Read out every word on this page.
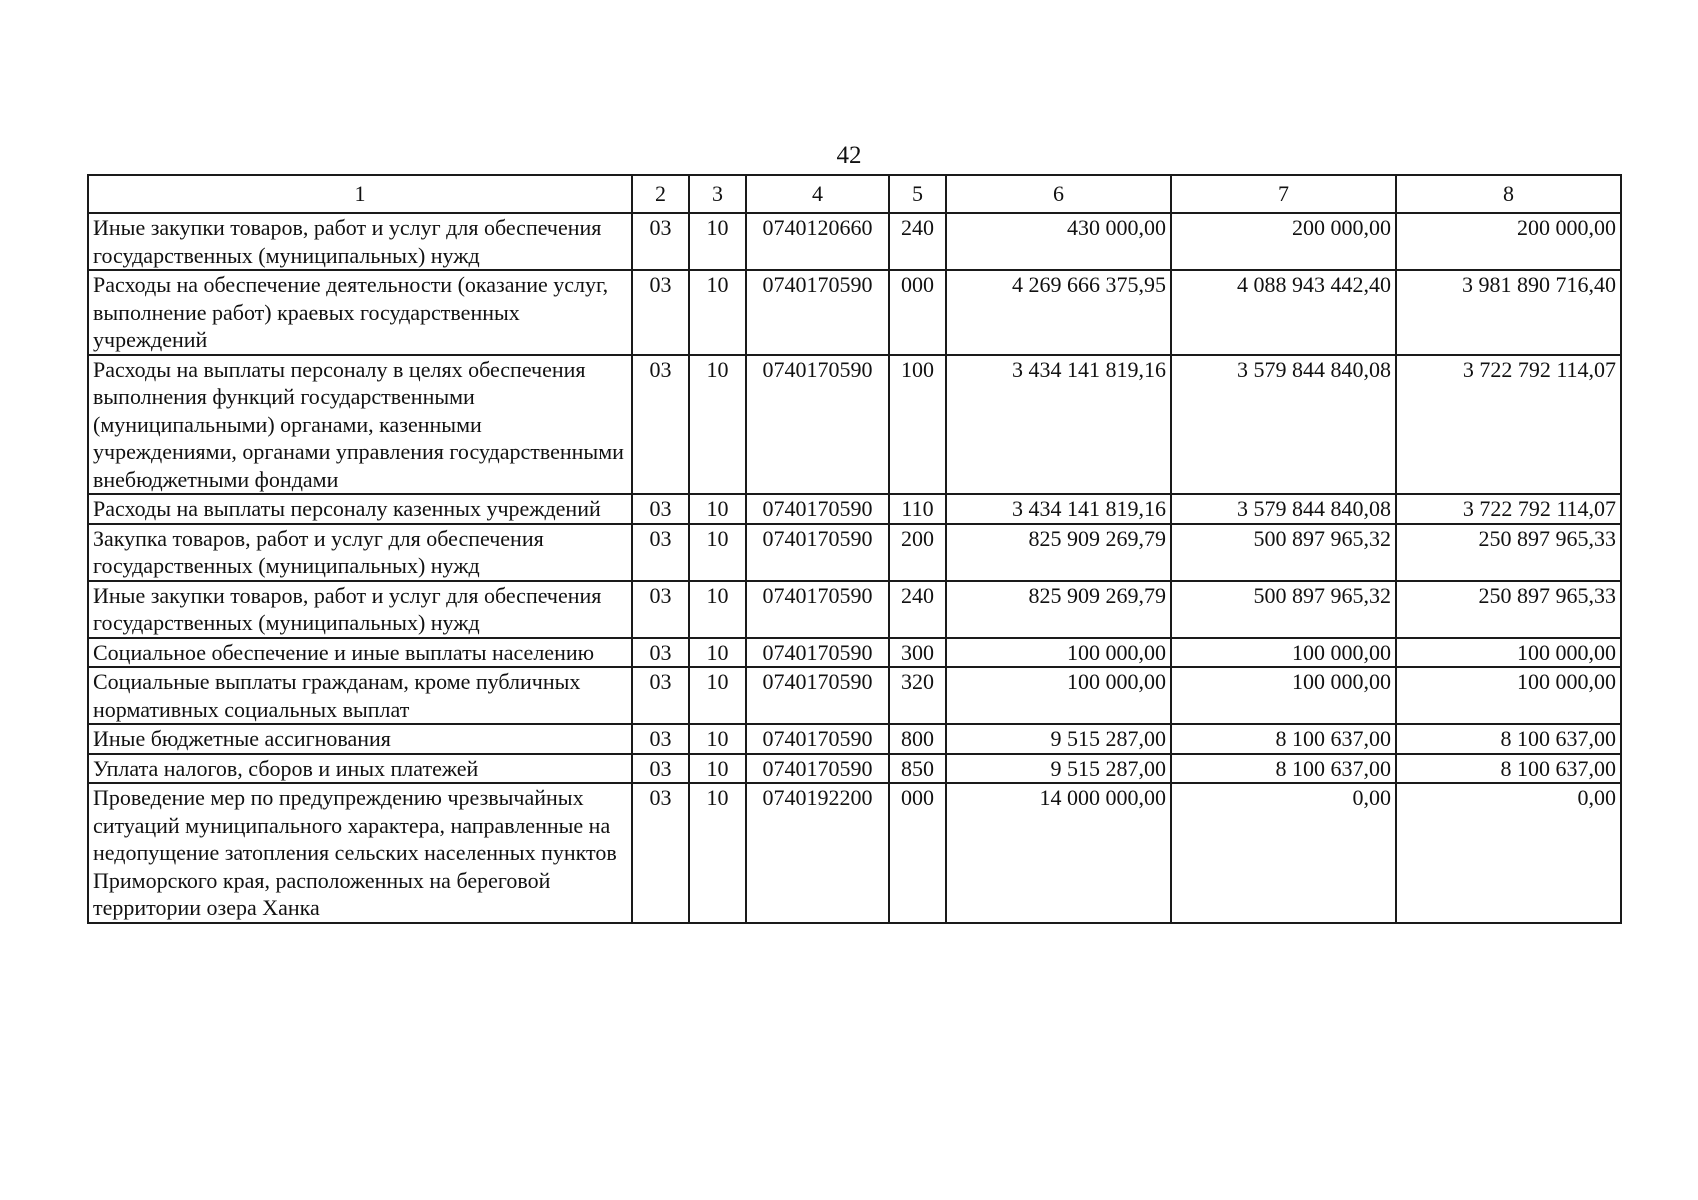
42
1	2	3	4	5	6	7	8
Иные закупки товаров, работ и услуг для обеспечения государственных (муниципальных) нужд	03	10	0740120660	240	430 000,00	200 000,00	200 000,00
Расходы на обеспечение деятельности (оказание услуг, выполнение работ) краевых государственных учреждений	03	10	0740170590	000	4 269 666 375,95	4 088 943 442,40	3 981 890 716,40
Расходы на выплаты персоналу в целях обеспечения выполнения функций государственными (муниципальными) органами, казенными учреждениями, органами управления государственными внебюджетными фондами	03	10	0740170590	100	3 434 141 819,16	3 579 844 840,08	3 722 792 114,07
Расходы на выплаты персоналу казенных учреждений	03	10	0740170590	110	3 434 141 819,16	3 579 844 840,08	3 722 792 114,07
Закупка товаров, работ и услуг для обеспечения государственных (муниципальных) нужд	03	10	0740170590	200	825 909 269,79	500 897 965,32	250 897 965,33
Иные закупки товаров, работ и услуг для обеспечения государственных (муниципальных) нужд	03	10	0740170590	240	825 909 269,79	500 897 965,32	250 897 965,33
Социальное обеспечение и иные выплаты населению	03	10	0740170590	300	100 000,00	100 000,00	100 000,00
Социальные выплаты гражданам, кроме публичных нормативных социальных выплат	03	10	0740170590	320	100 000,00	100 000,00	100 000,00
Иные бюджетные ассигнования	03	10	0740170590	800	9 515 287,00	8 100 637,00	8 100 637,00
Уплата налогов, сборов и иных платежей	03	10	0740170590	850	9 515 287,00	8 100 637,00	8 100 637,00
Проведение мер по предупреждению чрезвычайных ситуаций муниципального характера, направленные на недопущение затопления сельских населенных пунктов Приморского края, расположенных на береговой территории озера Ханка	03	10	0740192200	000	14 000 000,00	0,00	0,00
